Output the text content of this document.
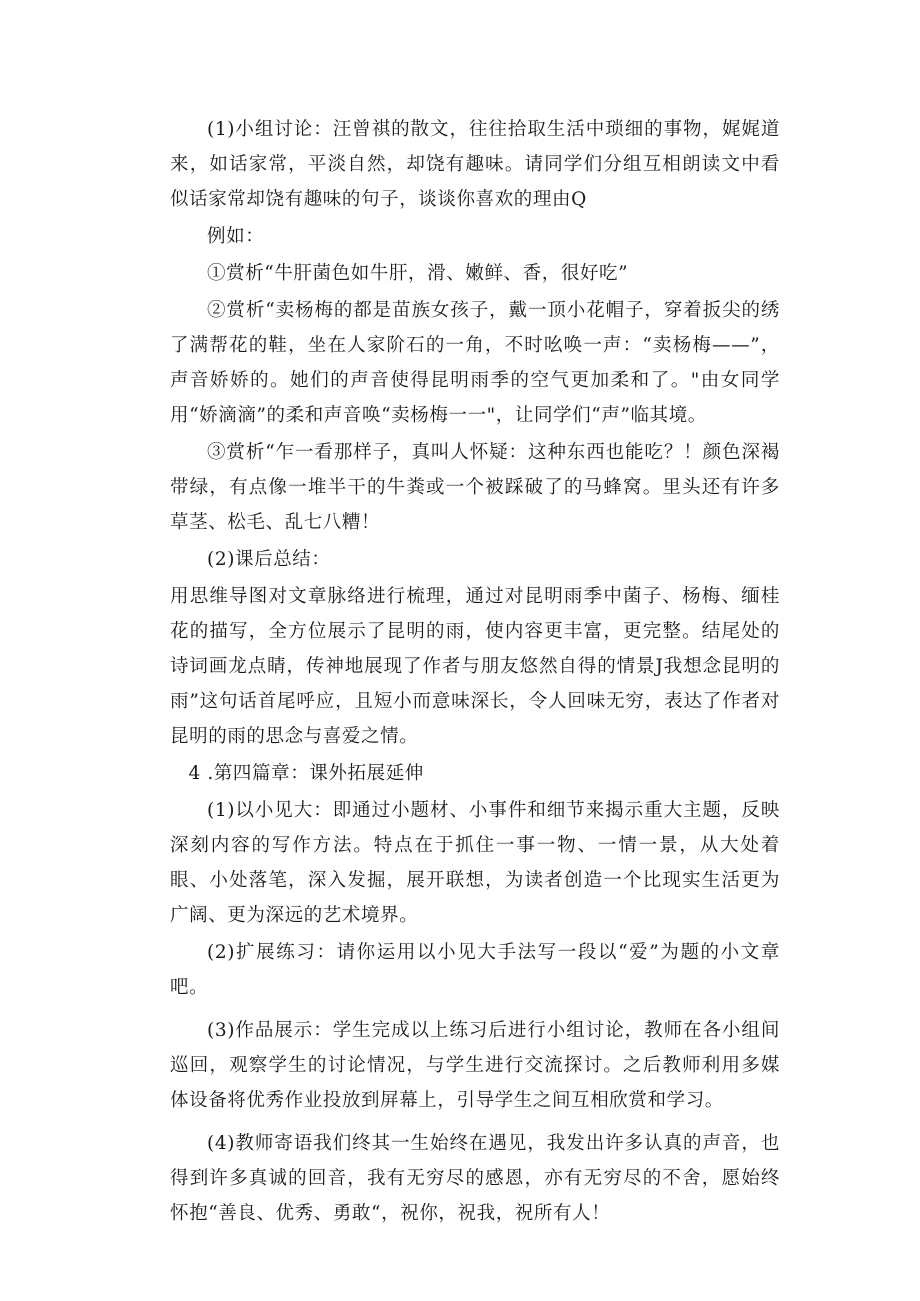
(1)小组讨论：汪曾祺的散文，往往拾取生活中琐细的事物，娓娓道来，如话家常，平淡自然，却饶有趣味。请同学们分组互相朗读文中看似话家常却饶有趣味的句子，谈谈你喜欢的理由Q

例如：

①赏析“牛肝菌色如牛肝，滑、嫩鲜、香，很好吃”

②赏析“卖杨梅的都是苗族女孩子，戴一顶小花帽子，穿着扳尖的绣了满帮花的鞋，坐在人家阶石的一角，不时吆唤一声：“卖杨梅——”，声音娇娇的。她们的声音使得昆明雨季的空气更加柔和了。"由女同学用“娇滴滴”的柔和声音唤“卖杨梅一一"，让同学们“声”临其境。

③赏析“乍一看那样子，真叫人怀疑：这种东西也能吃？！颜色深褐带绿，有点像一堆半干的牛粪或一个被踩破了的马蜂窝。里头还有许多草茎、松毛、乱七八糟！

(2)课后总结：

用思维导图对文章脉络进行梳理，通过对昆明雨季中菌子、杨梅、缅桂花的描写，全方位展示了昆明的雨，使内容更丰富，更完整。结尾处的诗词画龙点睛，传神地展现了作者与朋友悠然自得的情景J我想念昆明的雨”这句话首尾呼应，且短小而意味深长，令人回味无穷，表达了作者对昆明的雨的思念与喜爱之情。

4 .第四篇章：课外拓展延伸

(1)以小见大：即通过小题材、小事件和细节来揭示重大主题，反映深刻内容的写作方法。特点在于抓住一事一物、一情一景，从大处着眼、小处落笔，深入发掘，展开联想，为读者创造一个比现实生活更为广阔、更为深远的艺术境界。

(2)扩展练习：请你运用以小见大手法写一段以“爱”为题的小文章吧。

(3)作品展示：学生完成以上练习后进行小组讨论，教师在各小组间巡回，观察学生的讨论情况，与学生进行交流探讨。之后教师利用多媒体设备将优秀作业投放到屏幕上，引导学生之间互相欣赏和学习。

(4)教师寄语我们终其一生始终在遇见，我发出许多认真的声音，也得到许多真诚的回音，我有无穷尽的感恩，亦有无穷尽的不舍，愿始终怀抱“善良、优秀、勇敢“，祝你，祝我，祝所有人！
